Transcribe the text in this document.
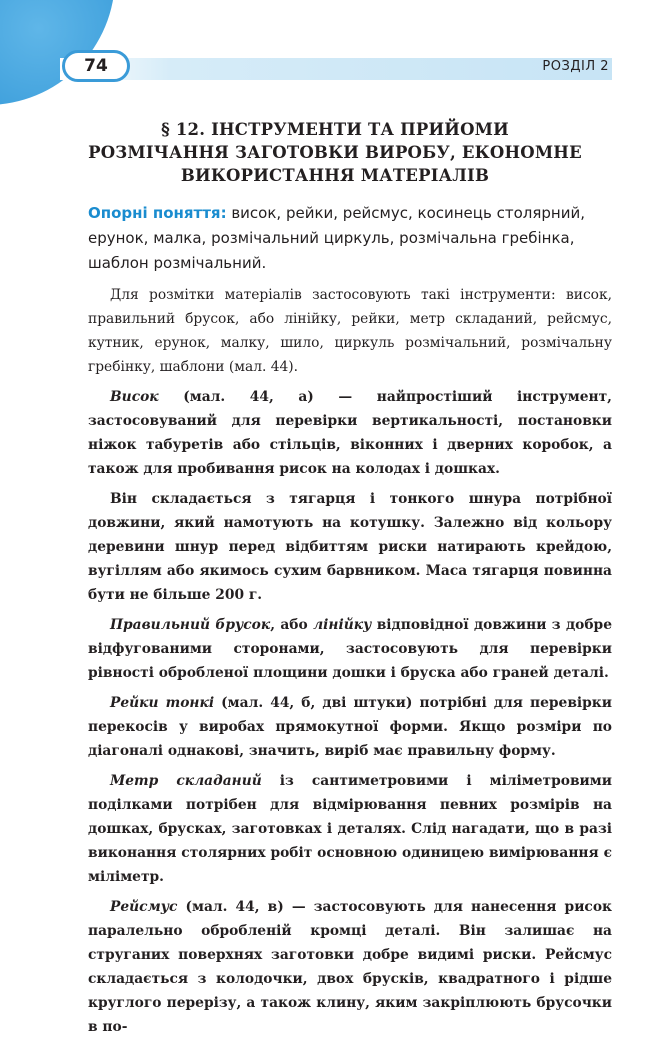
74	РОЗДІЛ 2
§ 12. ІНСТРУМЕНТИ ТА ПРИЙОМИ
РОЗМІЧАННЯ ЗАГОТОВКИ ВИРОБУ, ЕКОНОМНЕ
ВИКОРИСТАННЯ МАТЕРІАЛІВ

Опорні поняття: висок, рейки, рейсмус, косинець столярний, ерунок, малка, розмічальний циркуль, розмічальна гребінка, шаблон розмічальний.

Для розмітки матеріалів застосовують такі інструменти: висок, правильний брусок, або лінійку, рейки, метр складаний, рейсмус, кутник, ерунок, малку, шило, циркуль розмічальний, розмічальну гребінку, шаблони (мал. 44).

Висок (мал. 44, а) — найпростіший інструмент, застосовуваний для перевірки вертикальності, постановки ніжок табуретів або стільців, віконних і дверних коробок, а також для пробивання рисок на колодах і дошках.

Він складається з тягарця і тонкого шнура потрібної довжини, який намотують на котушку. Залежно від кольору деревини шнур перед відбиттям риски натирають крейдою, вугіллям або якимось сухим барвником. Маса тягарця повинна бути не більше 200 г.

Правильний брусок, або лінійку відповідної довжини з добре відфугованими сторонами, застосовують для перевірки рівності обробленої площини дошки і бруска або граней деталі.

Рейки тонкі (мал. 44, б, дві штуки) потрібні для перевірки перекосів у виробах прямокутної форми. Якщо розміри по діагоналі однакові, значить, виріб має правильну форму.

Метр складаний із сантиметровими і міліметровими поділками потрібен для відмірювання певних розмірів на дошках, брусках, заготовках і деталях. Слід нагадати, що в разі виконання столярних робіт основною одиницею вимірювання є міліметр.

Рейсмус (мал. 44, в) — застосовують для нанесення рисок паралельно обробленій кромці деталі. Він залишає на струганих поверхнях заготовки добре видимі риски. Рейсмус складається з колодочки, двох брусків, квадратного і рідше круглого перерізу, а також клину, яким закріплюють брусочки в по-
